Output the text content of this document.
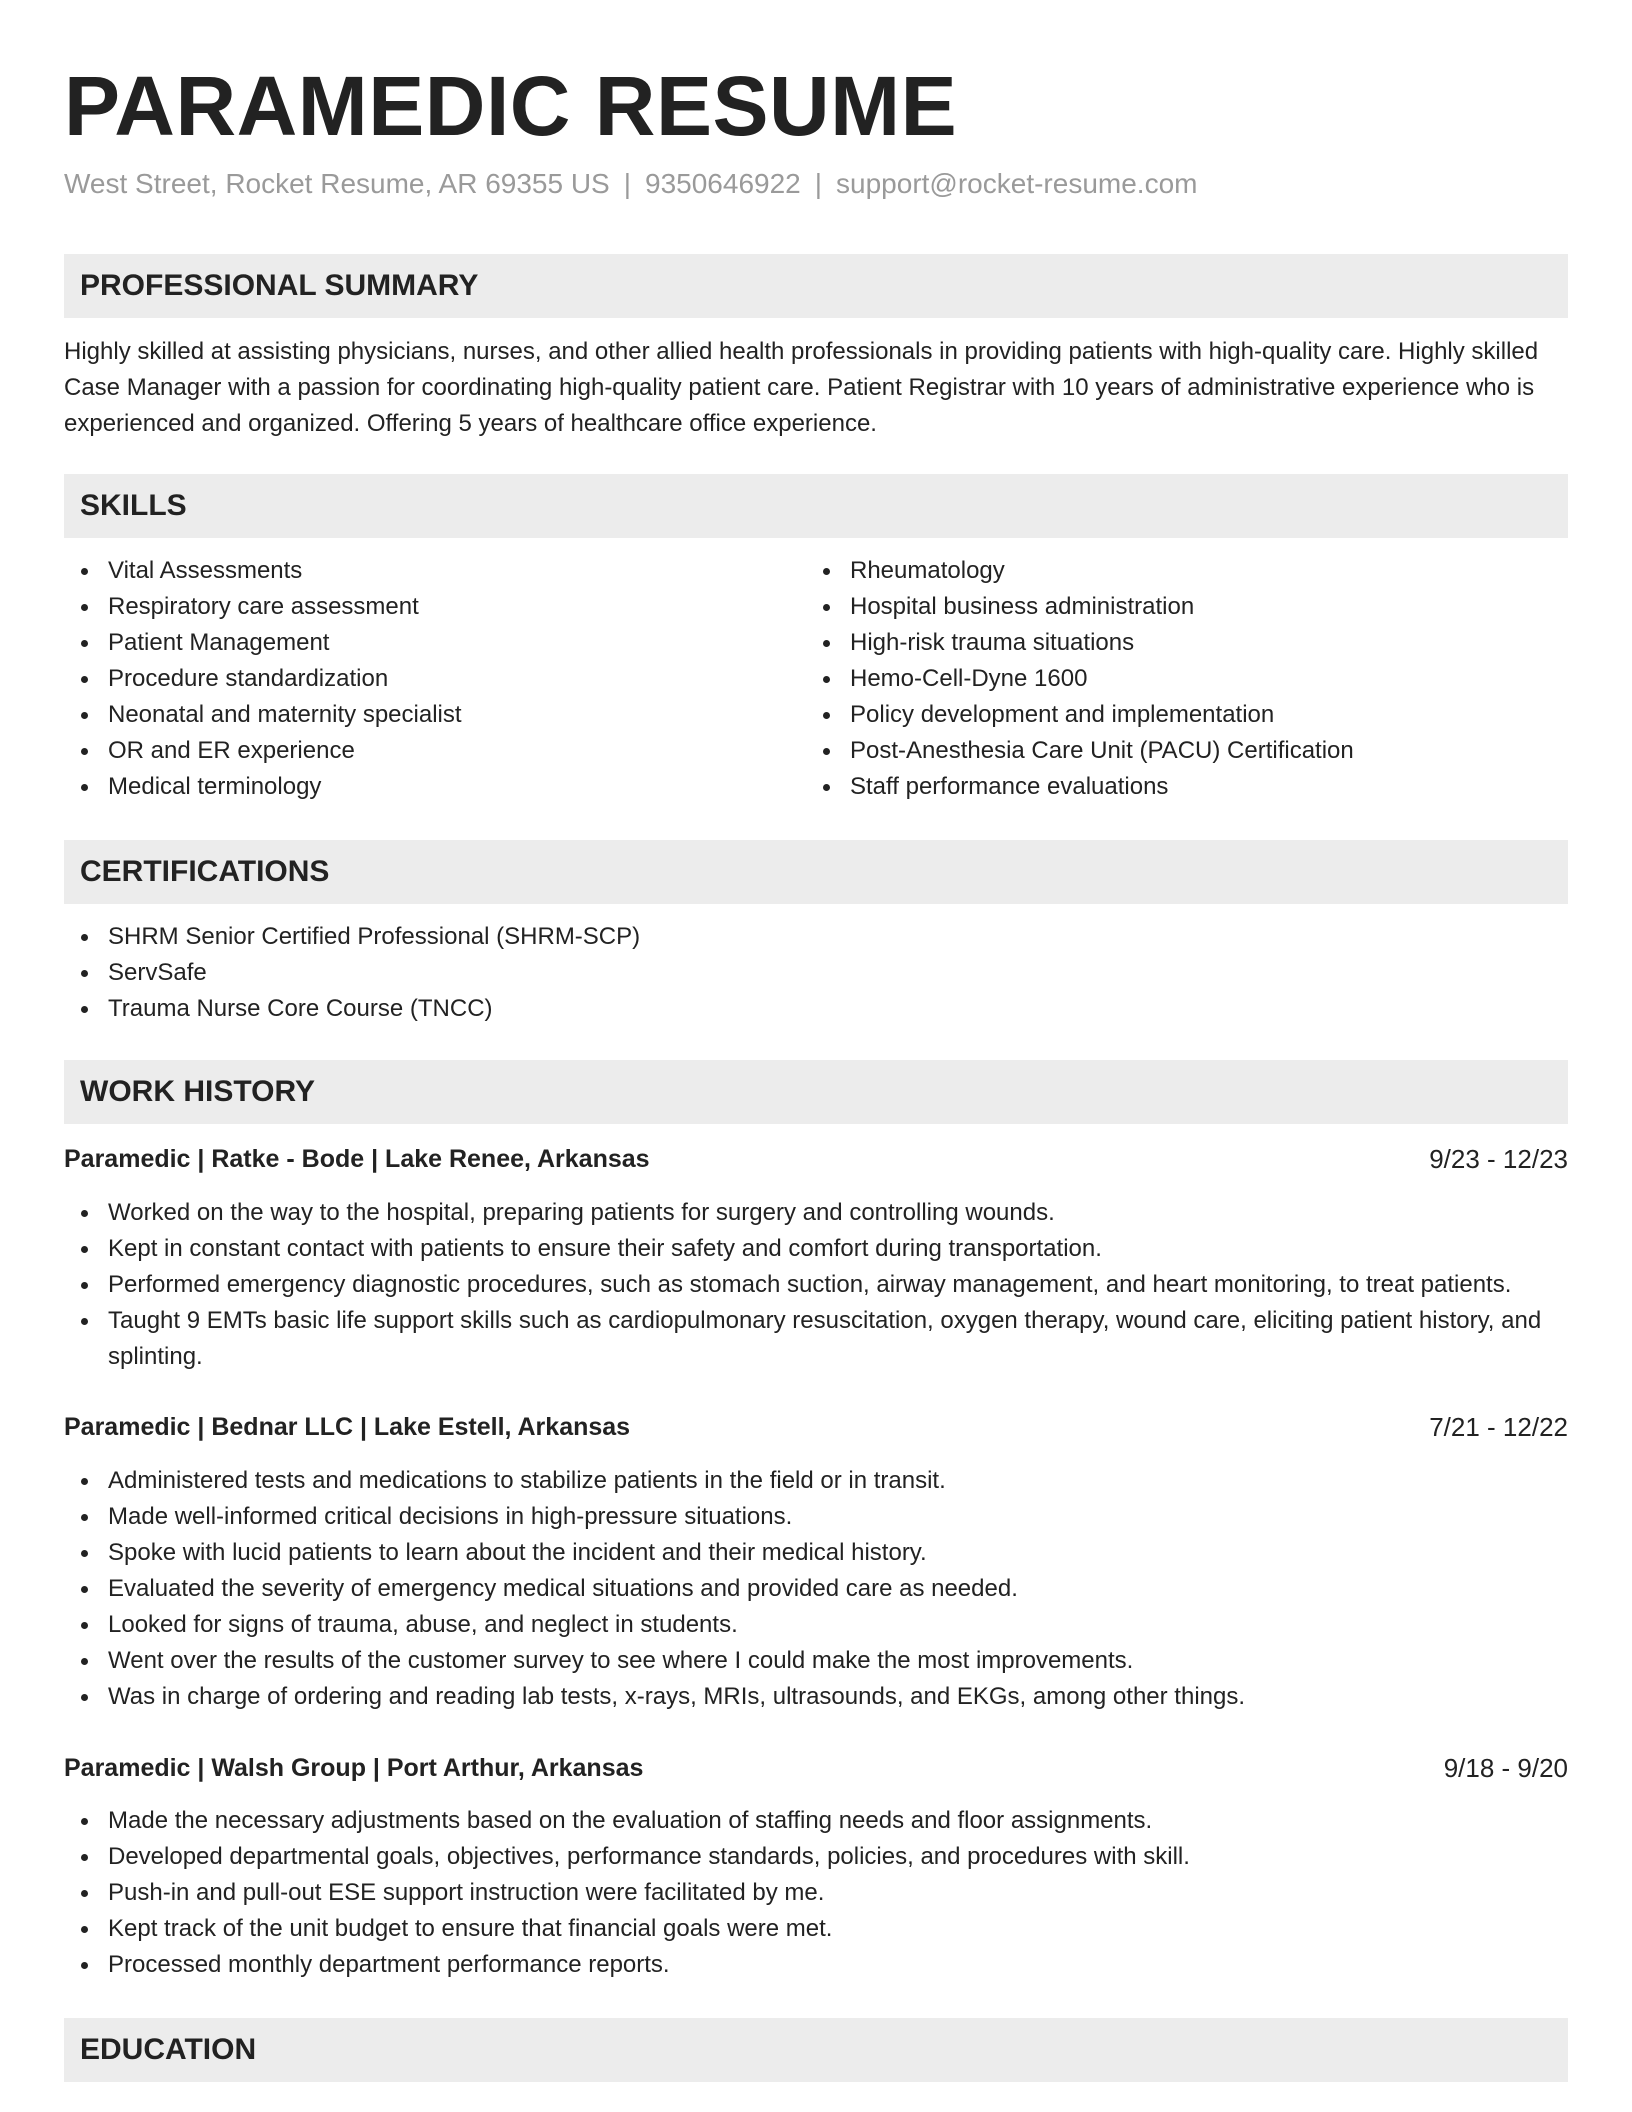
PARAMEDIC RESUME
West Street, Rocket Resume, AR 69355 US | 9350646922 | support@rocket-resume.com
PROFESSIONAL SUMMARY
Highly skilled at assisting physicians, nurses, and other allied health professionals in providing patients with high-quality care. Highly skilled Case Manager with a passion for coordinating high-quality patient care. Patient Registrar with 10 years of administrative experience who is experienced and organized. Offering 5 years of healthcare office experience.
SKILLS
Vital Assessments
Respiratory care assessment
Patient Management
Procedure standardization
Neonatal and maternity specialist
OR and ER experience
Medical terminology
Rheumatology
Hospital business administration
High-risk trauma situations
Hemo-Cell-Dyne 1600
Policy development and implementation
Post-Anesthesia Care Unit (PACU) Certification
Staff performance evaluations
CERTIFICATIONS
SHRM Senior Certified Professional (SHRM-SCP)
ServSafe
Trauma Nurse Core Course (TNCC)
WORK HISTORY
Paramedic | Ratke - Bode | Lake Renee, Arkansas	9/23 - 12/23
Worked on the way to the hospital, preparing patients for surgery and controlling wounds.
Kept in constant contact with patients to ensure their safety and comfort during transportation.
Performed emergency diagnostic procedures, such as stomach suction, airway management, and heart monitoring, to treat patients.
Taught 9 EMTs basic life support skills such as cardiopulmonary resuscitation, oxygen therapy, wound care, eliciting patient history, and splinting.
Paramedic | Bednar LLC | Lake Estell, Arkansas	7/21 - 12/22
Administered tests and medications to stabilize patients in the field or in transit.
Made well-informed critical decisions in high-pressure situations.
Spoke with lucid patients to learn about the incident and their medical history.
Evaluated the severity of emergency medical situations and provided care as needed.
Looked for signs of trauma, abuse, and neglect in students.
Went over the results of the customer survey to see where I could make the most improvements.
Was in charge of ordering and reading lab tests, x-rays, MRIs, ultrasounds, and EKGs, among other things.
Paramedic | Walsh Group | Port Arthur, Arkansas	9/18 - 9/20
Made the necessary adjustments based on the evaluation of staffing needs and floor assignments.
Developed departmental goals, objectives, performance standards, policies, and procedures with skill.
Push-in and pull-out ESE support instruction were facilitated by me.
Kept track of the unit budget to ensure that financial goals were met.
Processed monthly department performance reports.
EDUCATION
